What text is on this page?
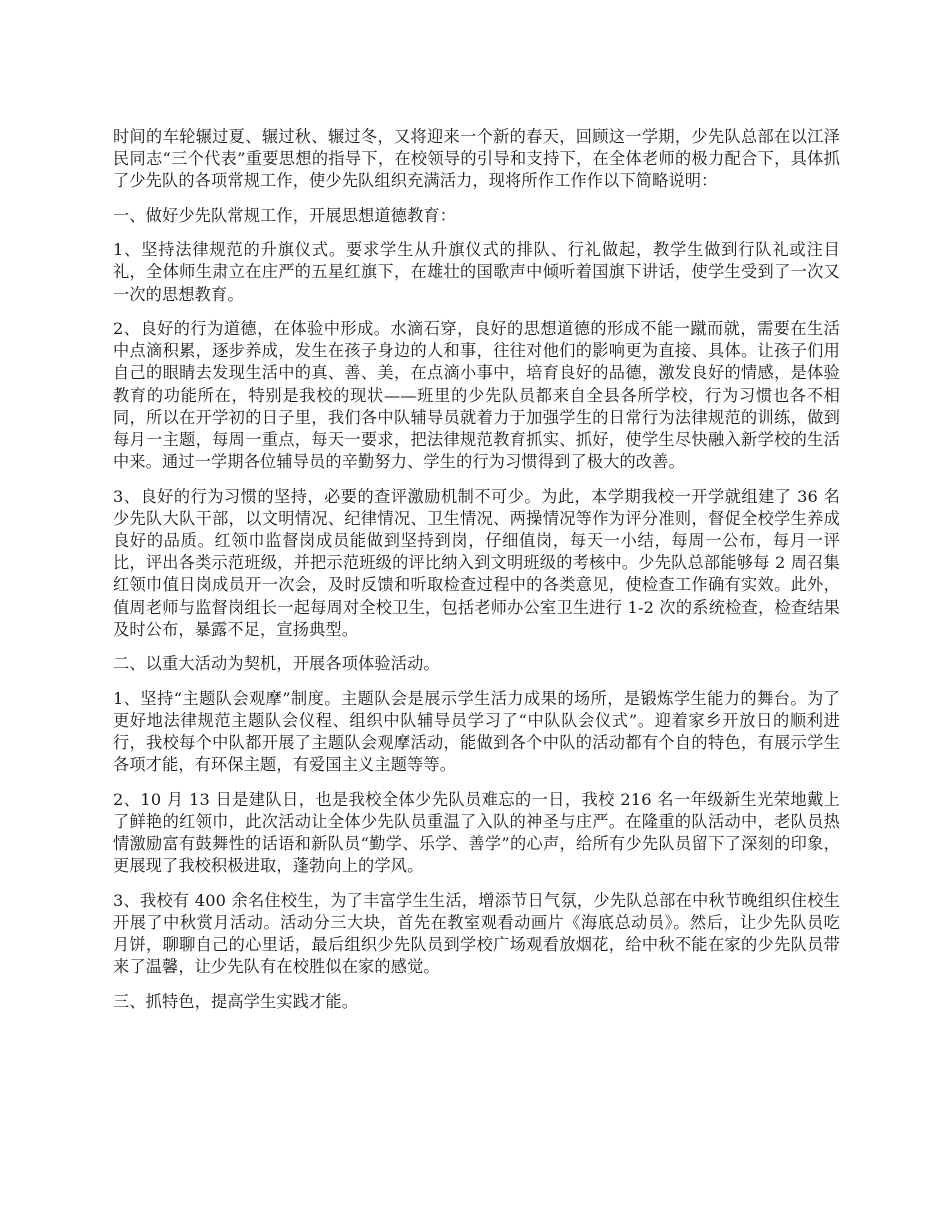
时间的车轮辗过夏、辗过秋、辗过冬，又将迎来一个新的春天，回顾这一学期，少先队总部在以江泽民同志“三个代表”重要思想的指导下，在校领导的引导和支持下，在全体老师的极力配合下，具体抓了少先队的各项常规工作，使少先队组织充满活力，现将所作工作作以下简略说明：

一、做好少先队常规工作，开展思想道德教育：

1、坚持法律规范的升旗仪式。要求学生从升旗仪式的排队、行礼做起，教学生做到行队礼或注目礼，全体师生肃立在庄严的五星红旗下，在雄壮的国歌声中倾听着国旗下讲话，使学生受到了一次又一次的思想教育。

2、良好的行为道德，在体验中形成。水滴石穿，良好的思想道德的形成不能一蹴而就，需要在生活中点滴积累，逐步养成，发生在孩子身边的人和事，往往对他们的影响更为直接、具体。让孩子们用自己的眼睛去发现生活中的真、善、美，在点滴小事中，培育良好的品德，激发良好的情感，是体验教育的功能所在，特别是我校的现状——班里的少先队员都来自全县各所学校，行为习惯也各不相同，所以在开学初的日子里，我们各中队辅导员就着力于加强学生的日常行为法律规范的训练，做到每月一主题，每周一重点，每天一要求，把法律规范教育抓实、抓好，使学生尽快融入新学校的生活中来。通过一学期各位辅导员的辛勤努力、学生的行为习惯得到了极大的改善。

3、良好的行为习惯的坚持，必要的查评激励机制不可少。为此，本学期我校一开学就组建了 36 名少先队大队干部，以文明情况、纪律情况、卫生情况、两操情况等作为评分准则，督促全校学生养成良好的品质。红领巾监督岗成员能做到坚持到岗，仔细值岗，每天一小结，每周一公布，每月一评比，评出各类示范班级，并把示范班级的评比纳入到文明班级的考核中。少先队总部能够每 2 周召集红领巾值日岗成员开一次会，及时反馈和听取检查过程中的各类意见，使检查工作确有实效。此外，值周老师与监督岗组长一起每周对全校卫生，包括老师办公室卫生进行 1-2 次的系统检查，检查结果及时公布，暴露不足，宣扬典型。

二、以重大活动为契机，开展各项体验活动。

1、坚持“主题队会观摩”制度。主题队会是展示学生活力成果的场所，是锻炼学生能力的舞台。为了更好地法律规范主题队会仪程、组织中队辅导员学习了“中队队会仪式”。迎着家乡开放日的顺利进行，我校每个中队都开展了主题队会观摩活动，能做到各个中队的活动都有个自的特色，有展示学生各项才能，有环保主题，有爱国主义主题等等。

2、10 月 13 日是建队日，也是我校全体少先队员难忘的一日，我校 216 名一年级新生光荣地戴上了鲜艳的红领巾，此次活动让全体少先队员重温了入队的神圣与庄严。在隆重的队活动中，老队员热情激励富有鼓舞性的话语和新队员“勤学、乐学、善学”的心声，给所有少先队员留下了深刻的印象，更展现了我校积极进取，蓬勃向上的学风。

3、我校有 400 余名住校生，为了丰富学生生活，增添节日气氛，少先队总部在中秋节晚组织住校生开展了中秋赏月活动。活动分三大块，首先在教室观看动画片《海底总动员》。然后，让少先队员吃月饼，聊聊自己的心里话，最后组织少先队员到学校广场观看放烟花，给中秋不能在家的少先队员带来了温馨，让少先队有在校胜似在家的感觉。

三、抓特色，提高学生实践才能。
